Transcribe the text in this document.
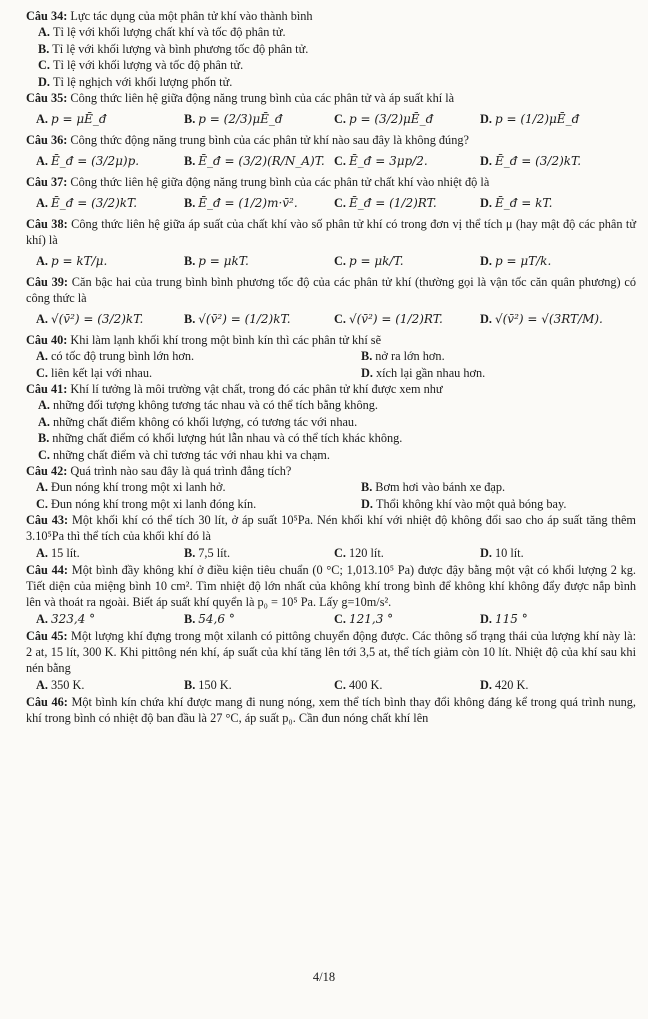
Câu 34: Lực tác dụng của một phân tử khí vào thành bình

A. Tỉ lệ với khối lượng chất khí và tốc độ phân tử.
B. Tỉ lệ với khối lượng và bình phương tốc độ phân tử.
C. Tỉ lệ với khối lượng và tốc độ phân tử.
D. Tỉ lệ nghịch với khối lượng phốn tử.

Câu 35: Công thức liên hệ giữa động năng trung bình của các phân tử và áp suất khí là

A. p = μĒ_đ	B. p = (2/3)μĒ_đ	C. p = (3/2)μĒ_đ	D. p = (1/2)μĒ_đ

Câu 36: Công thức động năng trung bình của các phân tử khí nào sau đây là không đúng?

A. Ē_đ = (3/2μ)p.	B. Ē_đ = (3/2)(R/N_A)T. C. Ē_đ = 3μp/2.	D. Ē_đ = (3/2)kT.

Câu 37: Công thức liên hệ giữa động năng trung bình của các phân tử chất khí vào nhiệt độ là

A. Ē_đ = (3/2)kT.	B. Ē_đ = (1/2)m·v̄².	C. Ē_đ = (1/2)RT.	D. Ē_đ = kT.

Câu 38: Công thức liên hệ giữa áp suất của chất khí vào số phân tử khí có trong đơn vị thể tích μ (hay mật độ các phân tử khí) là

A. p = kT/μ.	B. p = μkT.	C. p = μk/T.	D. p = μT/k.

Câu 39: Căn bậc hai của trung bình bình phương tốc độ của các phân tử khí (thường gọi là vận tốc căn quân phương) có công thức là

A. √(v̄²) = (3/2)kT.	B. √(v̄²) = (1/2)kT.	C. √(v̄²) = (1/2)RT.	D. √(v̄²) = √(3RT/M).

Câu 40: Khi làm lạnh khối khí trong một bình kín thì các phân tử khí sẽ

A. có tốc độ trung bình lớn hơn.	B. nở ra lớn hơn.
C. liên kết lại với nhau.	D. xích lại gần nhau hơn.

Câu 41: Khí lí tưởng là môi trường vật chất, trong đó các phân tử khí được xem như

A. những đối tượng không tương tác nhau và có thể tích bằng không.
A. những chất điểm không có khối lượng, có tương tác với nhau.
B. những chất điểm có khối lượng hút lẫn nhau và có thể tích khác không.
C. những chất điểm và chỉ tương tác với nhau khi va chạm.

Câu 42: Quá trình nào sau đây là quá trình đẳng tích?

A. Đun nóng khí trong một xi lanh hở.	B. Bơm hơi vào bánh xe đạp.
C. Đun nóng khí trong một xi lanh đóng kín.	D. Thổi không khí vào một quả bóng bay.

Câu 43: Một khối khí có thể tích 30 lít, ở áp suất 10⁵Pa. Nén khối khí với nhiệt độ không đổi sao cho áp suất tăng thêm 3.10⁵Pa thì thể tích của khối khí đó là

A. 15 lít.	B. 7,5 lít.	C. 120 lít.	D. 10 lít.

Câu 44: Một bình đầy không khí ở điều kiện tiêu chuẩn (0 °C; 1,013.10⁵ Pa) được đậy bằng một vật có khối lượng 2 kg. Tiết diện của miệng bình 10 cm². Tìm nhiệt độ lớn nhất của không khí trong bình để không khí không đẩy được nắp bình lên và thoát ra ngoài. Biết áp suất khí quyển là p₀ = 10⁵ Pa. Lấy g=10m/s².

A. 323,4 °	B. 54,6 °	C. 121,3 °	D. 115 °

Câu 45: Một lượng khí đựng trong một xilanh có pittông chuyển động được. Các thông số trạng thái của lượng khí này là: 2 at, 15 lít, 300 K. Khi pittông nén khí, áp suất của khí tăng lên tới 3,5 at, thể tích giảm còn 10 lít. Nhiệt độ của khí sau khi nén bằng

A. 350 K.	B. 150 K.	C. 400 K.	D. 420 K.

Câu 46: Một bình kín chứa khí được mang đi nung nóng, xem thể tích bình thay đổi không đáng kể trong quá trình nung, khí trong bình có nhiệt độ ban đầu là 27 °C, áp suất p₀. Cần đun nóng chất khí lên

4/18
